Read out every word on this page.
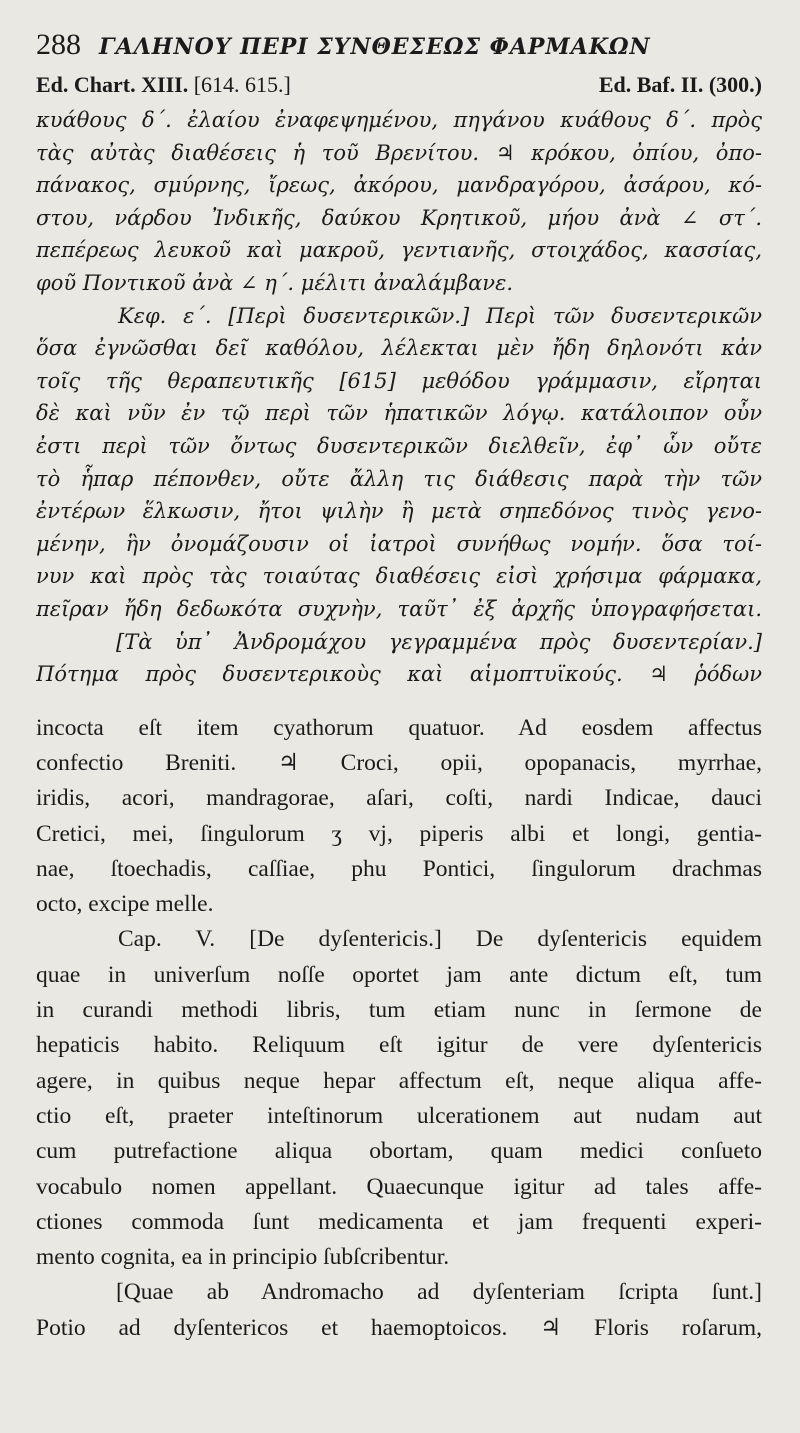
288 ΓΑΛΗΝΟΥ ΠΕΡΙ ΣΥΝΘΕΣΕΩΣ ΦΑΡΜΑΚΩΝ
Ed. Chart. XIII. [614. 615.]	Ed. Baf. II. (300.)
κυάθους δ΄. ἐλαίου ἐναφεψημένου, πηγάνου κυάθους δ΄. πρὸς
τὰς αὐτὰς διαθέσεις ἡ τοῦ Βρενίτου. ♃ κρόκου, ὀπίου, ὀπο-
πάνακος, σμύρνης, ἴρεως, ἀκόρου, μανδραγόρου, ἀσάρου, κό-
στου, νάρδου Ἰνδικῆς, δαύκου Κρητικοῦ, μήου ἀνὰ ∠ στ΄.
πεπέρεως λευκοῦ καὶ μακροῦ, γεντιανῆς, στοιχάδος, κασσίας,
φοῦ Ποντικοῦ ἀνὰ ∠ η΄. μέλιτι ἀναλάμβανε.
Κεφ. ε΄. [Περὶ δυσεντερικῶν.] Περὶ τῶν δυσεντερικῶν
ὅσα ἐγνῶσθαι δεῖ καθόλου, λέλεκται μὲν ἤδη δηλονότι κἀν
τοῖς τῆς θεραπευτικῆς [615] μεθόδου γράμμασιν, εἴρηται
δὲ καὶ νῦν ἐν τῷ περὶ τῶν ἡπατικῶν λόγῳ. κατάλοιπον οὖν
ἐστι περὶ τῶν ὄντως δυσεντερικῶν διελθεῖν, ἐφ᾽ ὧν οὔτε
τὸ ἧπαρ πέπονθεν, οὔτε ἄλλη τις διάθεσις παρὰ τὴν τῶν
ἐντέρων ἕλκωσιν, ἤτοι ψιλὴν ἢ μετὰ σηπεδόνος τινὸς γενο-
μένην, ἣν ὀνομάζουσιν οἱ ἰατροὶ συνήθως νομήν. ὅσα τοί-
νυν καὶ πρὸς τὰς τοιαύτας διαθέσεις εἰσὶ χρήσιμα φάρμακα,
πεῖραν ἤδη δεδωκότα συχνὴν, ταῦτ᾽ ἐξ ἀρχῆς ὑπογραφήσεται.
[Τὰ ὑπ᾽ Ἀνδρομάχου γεγραμμένα πρὸς δυσεντερίαν.]
Πότημα πρὸς δυσεντερικοὺς καὶ αἱμοπτυϊκούς. ♃ ῥόδων
incocta eſt item cyathorum quatuor. Ad eosdem affectus
confectio Breniti. ♃ Croci, opii, opopanacis, myrrhae,
iridis, acori, mandragorae, aſari, coſti, nardi Indicae, dauci
Cretici, mei, ſingulorum ʒ vj, piperis albi et longi, gentia-
nae, ſtoechadis, caſſiae, phu Pontici, ſingulorum drachmas
octo, excipe melle.
Cap. V. [De dyſentericis.] De dyſentericis equidem
quae in univerſum noſſe oportet jam ante dictum eſt, tum
in curandi methodi libris, tum etiam nunc in ſermone de
hepaticis habito. Reliquum eſt igitur de vere dyſentericis
agere, in quibus neque hepar affectum eſt, neque aliqua affe-
ctio eſt, praeter inteſtinorum ulcerationem aut nudam aut
cum putrefactione aliqua obortam, quam medici conſueto
vocabulo nomen appellant. Quaecunque igitur ad tales affe-
ctiones commoda ſunt medicamenta et jam frequenti experi-
mento cognita, ea in principio ſubſcribentur.
[Quae ab Andromacho ad dyſenteriam ſcripta ſunt.]
Potio ad dyſentericos et haemoptoicos. ♃ Floris roſarum,
